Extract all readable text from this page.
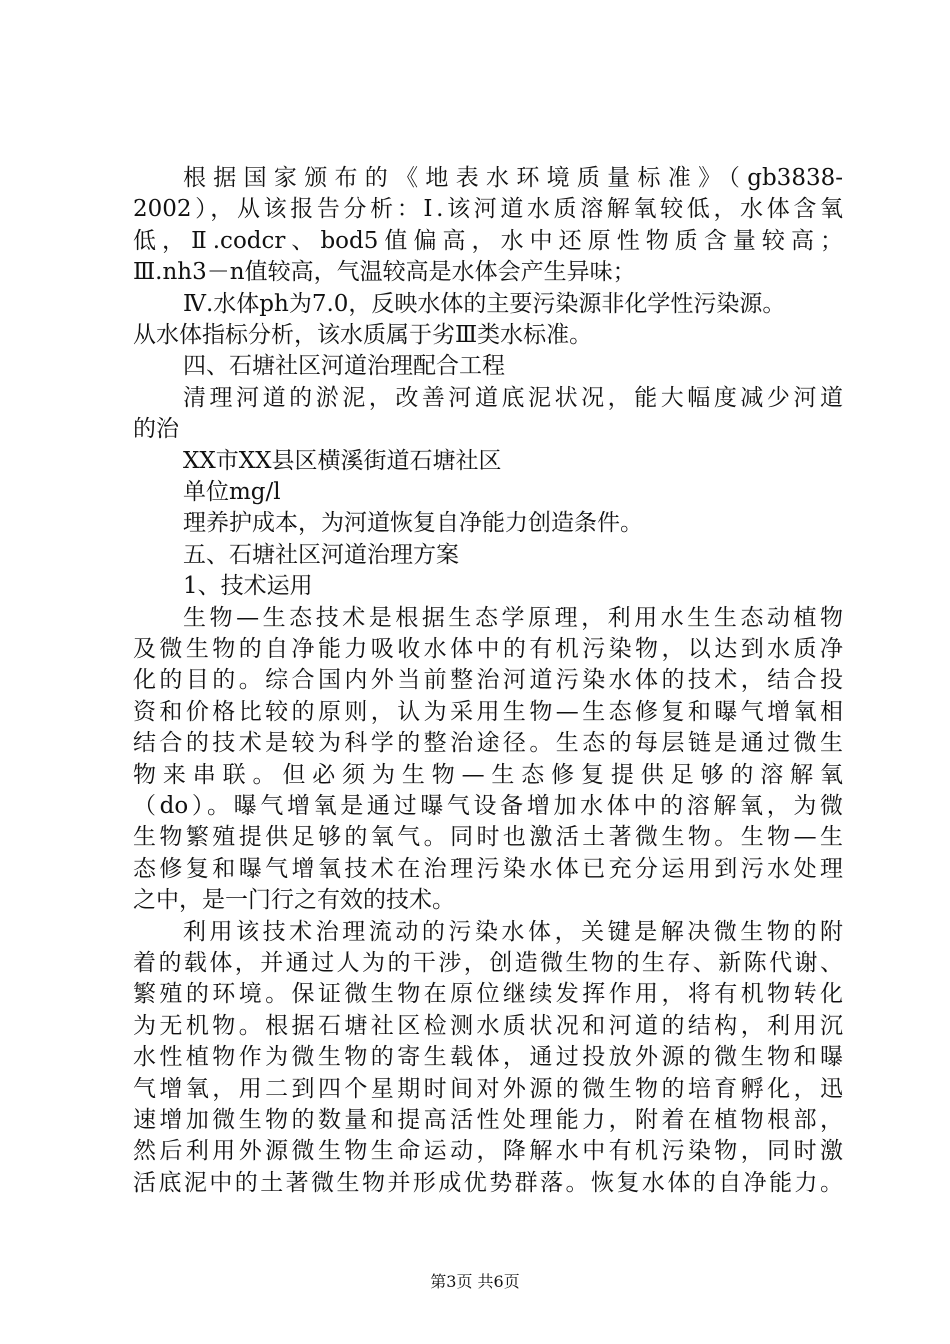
根据国家颁布的《地表水环境质量标准》（gb3838-
2002），从该报告分析：Ⅰ.该河道水质溶解氧较低，水体含氧
低，Ⅱ.codcr、bod5值偏高，水中还原性物质含量较高；
Ⅲ.nh3－n值较高，气温较高是水体会产生异味；
Ⅳ.水体ph为7.0，反映水体的主要污染源非化学性污染源。
从水体指标分析，该水质属于劣Ⅲ类水标准。
四、石塘社区河道治理配合工程
清理河道的淤泥，改善河道底泥状况，能大幅度减少河道
的治
XX市XX县区横溪街道石塘社区
单位mg/l
理养护成本，为河道恢复自净能力创造条件。
五、石塘社区河道治理方案
1、技术运用
生物—生态技术是根据生态学原理，利用水生生态动植物
及微生物的自净能力吸收水体中的有机污染物，以达到水质净
化的目的。综合国内外当前整治河道污染水体的技术，结合投
资和价格比较的原则，认为采用生物—生态修复和曝气增氧相
结合的技术是较为科学的整治途径。生态的每层链是通过微生
物来串联。但必须为生物—生态修复提供足够的溶解氧
（do）。曝气增氧是通过曝气设备增加水体中的溶解氧，为微
生物繁殖提供足够的氧气。同时也激活土著微生物。生物—生
态修复和曝气增氧技术在治理污染水体已充分运用到污水处理
之中，是一门行之有效的技术。
利用该技术治理流动的污染水体，关键是解决微生物的附
着的载体，并通过人为的干涉，创造微生物的生存、新陈代谢、
繁殖的环境。保证微生物在原位继续发挥作用，将有机物转化
为无机物。根据石塘社区检测水质状况和河道的结构，利用沉
水性植物作为微生物的寄生载体，通过投放外源的微生物和曝
气增氧，用二到四个星期时间对外源的微生物的培育孵化，迅
速增加微生物的数量和提高活性处理能力，附着在植物根部，
然后利用外源微生物生命运动，降解水中有机污染物，同时激
活底泥中的土著微生物并形成优势群落。恢复水体的自净能力。
第3页 共6页
